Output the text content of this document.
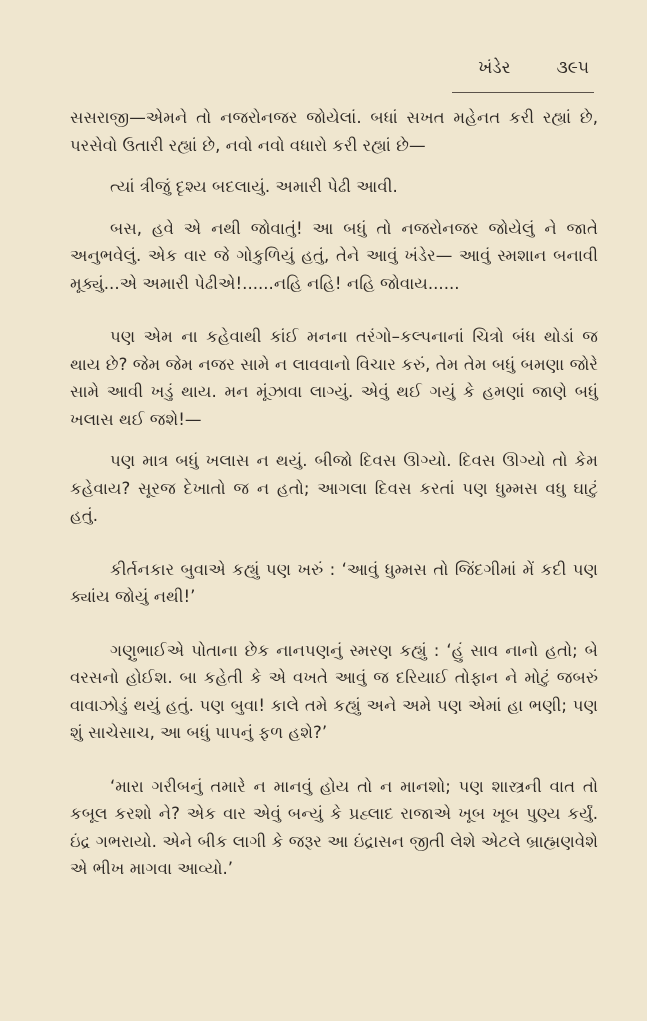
ખંડેર	૩૯૫

સસરાજી—એમને તો નજરોનજર જોયેલાં. બધાં સખત મહેનત કરી રહ્યાં છે, પરસેવો ઉતારી રહ્યાં છે, નવો નવો વધારો કરી રહ્યાં છે—

ત્યાં ત્રીજું દૃશ્ય બદલાયું. અમારી પેઢી આવી.

બસ, હવે એ નથી જોવાતું! આ બધું તો નજરોનજર જોયેલું ને જાતે અનુભવેલું. એક વાર જે ગોકુળિયું હતું, તેને આવું ખંડેર— આવું સ્મશાન બનાવી મૂક્યું...એ અમારી પેઢીએ!......નહિ નહિ! નહિ જોવાય......

પણ એમ ના કહેવાથી કાંઈ મનના તરંગો–કલ્પનાનાં ચિત્રો બંધ થોડાં જ થાય છે? જેમ જેમ નજર સામે ન લાવવાનો વિચાર કરું, તેમ તેમ બધું બમણા જોરે સામે આવી ખડું થાય. મન મૂંઝાવા લાગ્યું. એવું થઈ ગયું કે હમણાં જાણે બધું ખલાસ થઈ જશે!—

પણ માત્ર બધું ખલાસ ન થયું. બીજો દિવસ ઊગ્યો. દિવસ ઊગ્યો તો કેમ કહેવાય? સૂરજ દેખાતો જ ન હતો; આગલા દિવસ કરતાં પણ ધુમ્મસ વધુ ઘાટું હતું.

કીર્તનકાર બુવાએ કહ્યું પણ ખરું : ‘આવું ધુમ્મસ તો જિંદગીમાં મેં કદી પણ ક્યાંય જોયું નથી!’

ગણુભાઈએ પોતાના છેક નાનપણનું સ્મરણ કહ્યું : ‘હું સાવ નાનો હતો; બે વરસનો હોઈશ. બા કહેતી કે એ વખતે આવું જ દરિયાઈ તોફાન ને મોટું જબરું વાવાઝોડું થયું હતું. પણ બુવા! કાલે તમે કહ્યું અને અમે પણ એમાં હા ભણી; પણ શું સાચેસાચ, આ બધું પાપનું ફળ હશે?’

‘મારા ગરીબનું તમારે ન માનવું હોય તો ન માનશો; પણ શાસ્ત્રની વાત તો કબૂલ કરશો ને? એક વાર એવું બન્યું કે પ્રહ્લાદ રાજાએ ખૂબ ખૂબ પુણ્ય કર્યું. ઇંદ્ર ગભરાયો. એને બીક લાગી કે જરૂર આ ઇંદ્રાસન જીતી લેશે એટલે બ્રાહ્મણવેશે એ ભીખ માગવા આવ્યો.’
